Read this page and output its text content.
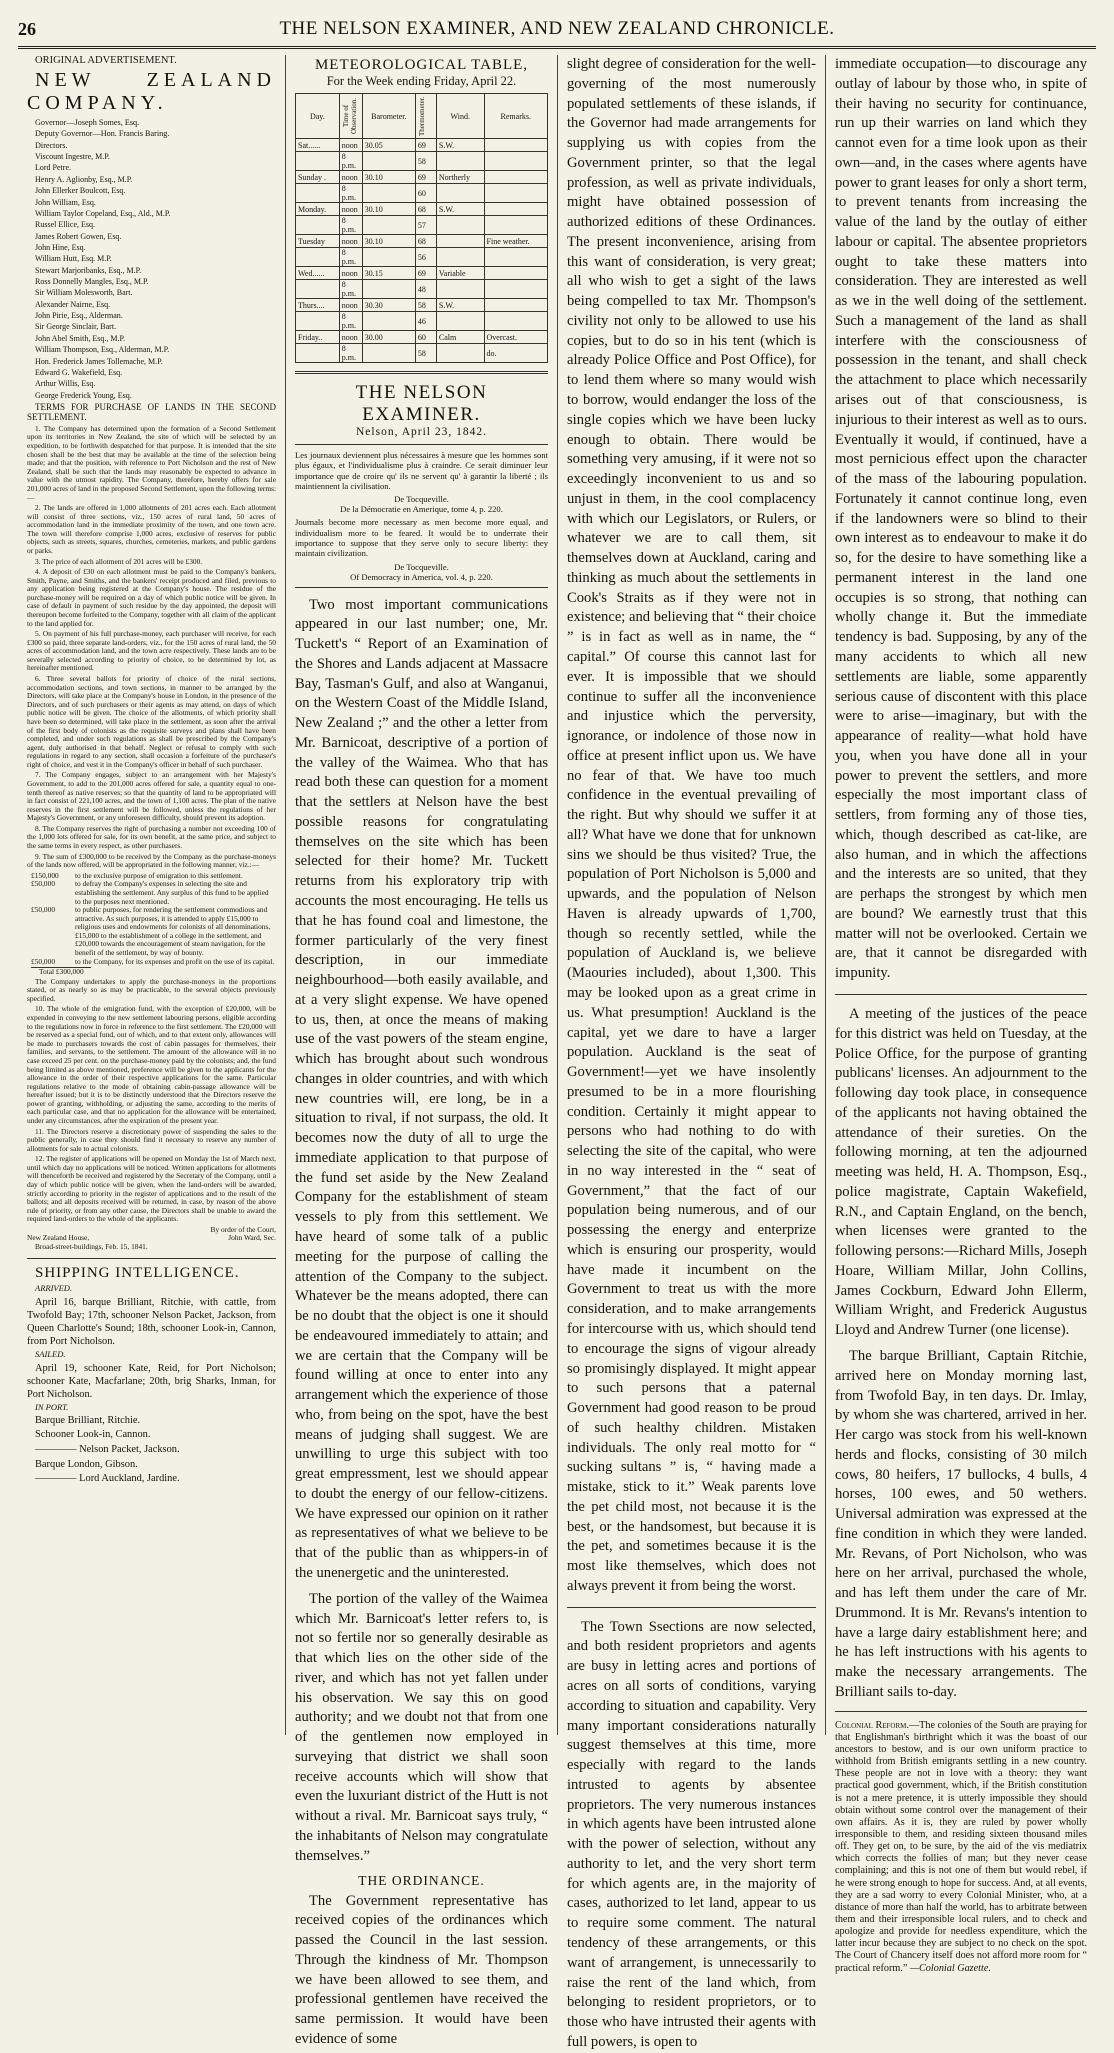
26	THE NELSON EXAMINER, AND NEW ZEALAND CHRONICLE.

ORIGINAL ADVERTISEMENT.

NEW ZEALAND COMPANY.

Governor—Joseph Somes, Esq.

Deputy Governor—Hon. Francis Baring.

Directors.

Viscount Ingestre, M.P.

Lord Petre.

Henry A. Aglionby, Esq., M.P.

John Ellerker Boulcott, Esq.

John William, Esq.

William Taylor Copeland, Esq., Ald., M.P.

Russel Ellice, Esq.

James Robert Gowen, Esq.

John Hine, Esq.

William Hutt, Esq. M.P.

Stewart Marjoribanks, Esq., M.P.

Ross Donnelly Mangles, Esq., M.P.

Sir William Molesworth, Bart.

Alexander Nairne, Esq.

John Pirie, Esq., Alderman.

Sir George Sinclair, Bart.

John Abel Smith, Esq., M.P.

William Thompson, Esq., Alderman, M.P.

Hon. Frederick James Tollemache, M.P.

Edward G. Wakefield, Esq.

Arthur Willis, Esq.

George Frederick Young, Esq.

TERMS FOR PURCHASE OF LANDS IN THE SECOND SETTLEMENT.

1. The Company has determined upon the formation of a Second Settlement upon its territories in New Zealand, the site of which will be selected by an expedition, to be forthwith despatched for that purpose. It is intended that the site chosen shall be the best that may be available at the time of the selection being made; and that the position, with reference to Port Nicholson and the rest of New Zealand, shall be such that the lands may reasonably be expected to advance in value with the utmost rapidity. The Company, therefore, hereby offers for sale 201,000 acres of land in the proposed Second Settlement, upon the following terms:—

2. The lands are offered in 1,000 allotments of 201 acres each. Each allotment will consist of three sections, viz., 150 acres of rural land, 50 acres of accommodation land in the immediate proximity of the town, and one town acre. The town will therefore comprise 1,000 acres, exclusive of reserves for public objects, such as streets, squares, churches, cemeteries, markets, and public gardens or parks.

3. The price of each allotment of 201 acres will be £300.

4. A deposit of £30 on each allotment must be paid to the Company's bankers, Smith, Payne, and Smiths, and the bankers' receipt produced and filed, previous to any application being registered at the Company's house. The residue of the purchase-money will be required on a day of which public notice will be given. In case of default in payment of such residue by the day appointed, the deposit will thereupon become forfeited to the Company, together with all claim of the applicant to the land applied for.

5. On payment of his full purchase-money, each purchaser will receive, for each £300 so paid, three separate land-orders, viz., for the 150 acres of rural land, the 50 acres of accommodation land, and the town acre respectively. These lands are to be severally selected according to priority of choice, to be determined by lot, as hereinafter mentioned.

6. Three several ballots for priority of choice of the rural sections, accommodation sections, and town sections, in manner to be arranged by the Directors, will take place at the Company's house in London, in the presence of the Directors, and of such purchasers or their agents as may attend, on days of which public notice will be given. The choice of the allotments, of which priority shall have been so determined, will take place in the settlement, as soon after the arrival of the first body of colonists as the requisite surveys and plans shall have been completed, and under such regulations as shall be prescribed by the Company's agent, duly authorised in that behalf. Neglect or refusal to comply with such regulations in regard to any section, shall occasion a forfeiture of the purchaser's right of choice, and vest it in the Company's officer in behalf of such purchaser.

7. The Company engages, subject to an arrangement with her Majesty's Government, to add to the 201,000 acres offered for sale, a quantity equal to one-tenth thereof as native reserves; so that the quantity of land to be appropriated will in fact consist of 221,100 acres, and the town of 1,100 acres. The plan of the native reserves in the first settlement will be followed, unless the regulations of her Majesty's Government, or any unforeseen difficulty, should prevent its adoption.

8. The Company reserves the right of purchasing a number not exceeding 100 of the 1,000 lots offered for sale, for its own benefit, at the same price, and subject to the same terms in every respect, as other purchasers.

9. The sum of £300,000 to be received by the Company as the purchase-moneys of the lands now offered, will be appropriated in the following manner, viz.:—

£150,000	to the exclusive purpose of emigration to this settlement.
£50,000	to defray the Company's expenses in selecting the site and establishing the settlement. Any surplus of this fund to be applied to the purposes next mentioned.
£50,000	to public purposes, for rendering the settlement commodious and attractive. As such purposes, it is attended to apply £15,000 to religious uses and endowments for colonists of all denominations, £15,000 to the establishment of a college in the settlement, and £20,000 towards the encouragement of steam navigation, for the benefit of the settlement, by way of bounty.
£50,000	to the Company, for its expenses and profit on the use of its capital.

Total £300,000

The Company undertakes to apply the purchase-moneys in the proportions stated, or as nearly so as may be practicable, to the several objects previously specified.

10. The whole of the emigration fund, with the exception of £20,000, will be expended in conveying to the new settlement labouring persons, eligible according to the regulations now in force in reference to the first settlement. The £20,000 will be reserved as a special fund, out of which, and to that extent only, allowances will be made to purchasers towards the cost of cabin passages for themselves, their families, and servants, to the settlement. The amount of the allowance will in no case exceed 25 per cent. on the purchase-money paid by the colonists; and, the fund being limited as above mentioned, preference will be given to the applicants for the allowance in the order of their respective applications for the same. Particular regulations relative to the mode of obtaining cabin-passage allowance will be hereafter issued; but it is to be distinctly understood that the Directors reserve the power of granting, withholding, or adjusting the same, according to the merits of each particular case, and that no application for the allowance will be entertained, under any circumstances, after the expiration of the present year.

11. The Directors reserve a discretionary power of suspending the sales to the public generally, in case they should find it necessary to reserve any number of allotments for sale to actual colonists.

12. The register of applications will be opened on Monday the 1st of March next, until which day no applications will be noticed. Written applications for allotments will thenceforth be received and registered by the Secretary of the Company, until a day of which public notice will be given, when the land-orders will be awarded, strictly according to priority in the register of applications and to the result of the ballots; and all deposits received will be returned, in case, by reason of the above rule of priority, or from any other cause, the Directors shall be unable to award the required land-orders to the whole of the applicants.

By order of the Court,

New Zealand House,	John Ward, Sec.

Broad-street-buildings, Feb. 15, 1841.

SHIPPING INTELLIGENCE.

ARRIVED.

April 16, barque Brilliant, Ritchie, with cattle, from Twofold Bay; 17th, schooner Nelson Packet, Jackson, from Queen Charlotte's Sound; 18th, schooner Look-in, Cannon, from Port Nicholson.

SAILED.

April 19, schooner Kate, Reid, for Port Nicholson; schooner Kate, Macfarlane; 20th, brig Sharks, Inman, for Port Nicholson.

IN PORT.

Barque Brilliant, Ritchie.

Schooner Look-in, Cannon.

———— Nelson Packet, Jackson.

Barque London, Gibson.

———— Lord Auckland, Jardine.

METEOROLOGICAL TABLE,

For the Week ending Friday, April 22.

Day.	Time of Observation.	Barometer.	Thermometer.	Wind.	Remarks.
Sat......	noon	30.05	69	S.W.	
	8 p.m.		58		
Sunday .	noon	30.10	69	Northerly	
	8 p.m.		60		
Monday.	noon	30.10	68	S.W.	
	8 p.m.		57		
Tuesday	noon	30.10	68		Fine weather.
	8 p.m.		56		
Wed......	noon	30.15	69	Variable	
	8 p.m.		48		
Thurs....	noon	30.30	58	S.W.	
	8 p.m.		46		
Friday..	noon	30.00	60	Calm	Overcast.
	8 p.m.		58		do.

THE NELSON EXAMINER.

Nelson, April 23, 1842.

Les journaux deviennent plus nécessaires à mesure que les hommes sont plus égaux, et l'individualisme plus à craindre. Ce serait diminuer leur importance que de croire qu' ils ne servent qu' à garantir la liberté ; ils maintiennent la civilisation.

De Tocqueville.

De la Démocratie en Amerique, tome 4, p. 220.

Journals become more necessary as men become more equal, and individualism more to be feared. It would be to underrate their importance to suppose that they serve only to secure liberty: they maintain civilization.

De Tocqueville.

Of Democracy in America, vol. 4, p. 220.

Two most important communications appeared in our last number; one, Mr. Tuckett's “ Report of an Examination of the Shores and Lands adjacent at Massacre Bay, Tasman's Gulf, and also at Wanganui, on the Western Coast of the Middle Island, New Zealand ;” and the other a letter from Mr. Barnicoat, descriptive of a portion of the valley of the Waimea. Who that has read both these can question for a moment that the settlers at Nelson have the best possible reasons for congratulating themselves on the site which has been selected for their home? Mr. Tuckett returns from his exploratory trip with accounts the most encouraging. He tells us that he has found coal and limestone, the former particularly of the very finest description, in our immediate neighbourhood—both easily available, and at a very slight expense. We have opened to us, then, at once the means of making use of the vast powers of the steam engine, which has brought about such wondrous changes in older countries, and with which new countries will, ere long, be in a situation to rival, if not surpass, the old. It becomes now the duty of all to urge the immediate application to that purpose of the fund set aside by the New Zealand Company for the establishment of steam vessels to ply from this settlement. We have heard of some talk of a public meeting for the purpose of calling the attention of the Company to the subject. Whatever be the means adopted, there can be no doubt that the object is one it should be endeavoured immediately to attain; and we are certain that the Company will be found willing at once to enter into any arrangement which the experience of those who, from being on the spot, have the best means of judging shall suggest. We are unwilling to urge this subject with too great empressment, lest we should appear to doubt the energy of our fellow-citizens. We have expressed our opinion on it rather as representatives of what we believe to be that of the public than as whippers-in of the unenergetic and the uninterested.

The portion of the valley of the Waimea which Mr. Barnicoat's letter refers to, is not so fertile nor so generally desirable as that which lies on the other side of the river, and which has not yet fallen under his observation. We say this on good authority; and we doubt not that from one of the gentlemen now employed in surveying that district we shall soon receive accounts which will show that even the luxuriant district of the Hutt is not without a rival. Mr. Barnicoat says truly, “ the inhabitants of Nelson may congratulate themselves.”

THE ORDINANCE.

The Government representative has received copies of the ordinances which passed the Council in the last session. Through the kindness of Mr. Thompson we have been allowed to see them, and professional gentlemen have received the same permission. It would have been evidence of some

slight degree of consideration for the well-governing of the most numerously populated settlements of these islands, if the Governor had made arrangements for supplying us with copies from the Government printer, so that the legal profession, as well as private individuals, might have obtained possession of authorized editions of these Ordinances. The present inconvenience, arising from this want of consideration, is very great; all who wish to get a sight of the laws being compelled to tax Mr. Thompson's civility not only to be allowed to use his copies, but to do so in his tent (which is already Police Office and Post Office), for to lend them where so many would wish to borrow, would endanger the loss of the single copies which we have been lucky enough to obtain. There would be something very amusing, if it were not so exceedingly inconvenient to us and so unjust in them, in the cool complacency with which our Legislators, or Rulers, or whatever we are to call them, sit themselves down at Auckland, caring and thinking as much about the settlements in Cook's Straits as if they were not in existence; and believing that “ their choice ” is in fact as well as in name, the “ capital.” Of course this cannot last for ever. It is impossible that we should continue to suffer all the inconvenience and injustice which the perversity, ignorance, or indolence of those now in office at present inflict upon us. We have no fear of that. We have too much confidence in the eventual prevailing of the right. But why should we suffer it at all? What have we done that for unknown sins we should be thus visited? True, the population of Port Nicholson is 5,000 and upwards, and the population of Nelson Haven is already upwards of 1,700, though so recently settled, while the population of Auckland is, we believe (Maouries included), about 1,300. This may be looked upon as a great crime in us. What presumption! Auckland is the capital, yet we dare to have a larger population. Auckland is the seat of Government!—yet we have insolently presumed to be in a more flourishing condition. Certainly it might appear to persons who had nothing to do with selecting the site of the capital, who were in no way interested in the “ seat of Government,” that the fact of our population being numerous, and of our possessing the energy and enterprize which is ensuring our prosperity, would have made it incumbent on the Government to treat us with the more consideration, and to make arrangements for intercourse with us, which should tend to encourage the signs of vigour already so promisingly displayed. It might appear to such persons that a paternal Government had good reason to be proud of such healthy children. Mistaken individuals. The only real motto for “ sucking sultans ” is, “ having made a mistake, stick to it.” Weak parents love the pet child most, not because it is the best, or the handsomest, but because it is the pet, and sometimes because it is the most like themselves, which does not always prevent it from being the worst.

The Town Ssections are now selected, and both resident proprietors and agents are busy in letting acres and portions of acres on all sorts of conditions, varying according to situation and capability. Very many important considerations naturally suggest themselves at this time, more especially with regard to the lands intrusted to agents by absentee proprietors. The very numerous instances in which agents have been intrusted alone with the power of selection, without any authority to let, and the very short term for which agents are, in the majority of cases, authorized to let land, appear to us to require some comment. The natural tendency of these arrangements, or this want of arrangement, is unnecessarily to raise the rent of the land which, from belonging to resident proprietors, or to those who have intrusted their agents with full powers, is open to

immediate occupation—to discourage any outlay of labour by those who, in spite of their having no security for continuance, run up their warries on land which they cannot even for a time look upon as their own—and, in the cases where agents have power to grant leases for only a short term, to prevent tenants from increasing the value of the land by the outlay of either labour or capital. The absentee proprietors ought to take these matters into consideration. They are interested as well as we in the well doing of the settlement. Such a management of the land as shall interfere with the consciousness of possession in the tenant, and shall check the attachment to place which necessarily arises out of that consciousness, is injurious to their interest as well as to ours. Eventually it would, if continued, have a most pernicious effect upon the character of the mass of the labouring population. Fortunately it cannot continue long, even if the landowners were so blind to their own interest as to endeavour to make it do so, for the desire to have something like a permanent interest in the land one occupies is so strong, that nothing can wholly change it. But the immediate tendency is bad. Supposing, by any of the many accidents to which all new settlements are liable, some apparently serious cause of discontent with this place were to arise—imaginary, but with the appearance of reality—what hold have you, when you have done all in your power to prevent the settlers, and more especially the most important class of settlers, from forming any of those ties, which, though described as cat-like, are also human, and in which the affections and the interests are so united, that they are perhaps the strongest by which men are bound? We earnestly trust that this matter will not be overlooked. Certain we are, that it cannot be disregarded with impunity.

A meeting of the justices of the peace for this district was held on Tuesday, at the Police Office, for the purpose of granting publicans' licenses. An adjournment to the following day took place, in consequence of the applicants not having obtained the attendance of their sureties. On the following morning, at ten the adjourned meeting was held, H. A. Thompson, Esq., police magistrate, Captain Wakefield, R.N., and Captain England, on the bench, when licenses were granted to the following persons:—Richard Mills, Joseph Hoare, William Millar, John Collins, James Cockburn, Edward John Ellerm, William Wright, and Frederick Augustus Lloyd and Andrew Turner (one license).

The barque Brilliant, Captain Ritchie, arrived here on Monday morning last, from Twofold Bay, in ten days. Dr. Imlay, by whom she was chartered, arrived in her. Her cargo was stock from his well-known herds and flocks, consisting of 30 milch cows, 80 heifers, 17 bullocks, 4 bulls, 4 horses, 100 ewes, and 50 wethers. Universal admiration was expressed at the fine condition in which they were landed. Mr. Revans, of Port Nicholson, who was here on her arrival, purchased the whole, and has left them under the care of Mr. Drummond. It is Mr. Revans's intention to have a large dairy establishment here; and he has left instructions with his agents to make the necessary arrangements. The Brilliant sails to-day.

Colonial Reform.—The colonies of the South are praying for that Englishman's birthright which it was the boast of our ancestors to bestow, and is our own uniform practice to withhold from British emigrants settling in a new country. These people are not in love with a theory: they want practical good government, which, if the British constitution is not a mere pretence, it is utterly impossible they should obtain without some control over the management of their own affairs. As it is, they are ruled by power wholly irresponsible to them, and residing sixteen thousand miles off. They get on, to be sure, by the aid of the vis mediatrix which corrects the follies of man; but they never cease complaining; and this is not one of them but would rebel, if he were strong enough to hope for success. And, at all events, they are a sad worry to every Colonial Minister, who, at a distance of more than half the world, has to arbitrate between them and their irresponsible local rulers, and to check and apologize and provide for needless expenditure, which the latter incur because they are subject to no check on the spot. The Court of Chancery itself does not afford more room for “ practical reform.” —Colonial Gazette.
